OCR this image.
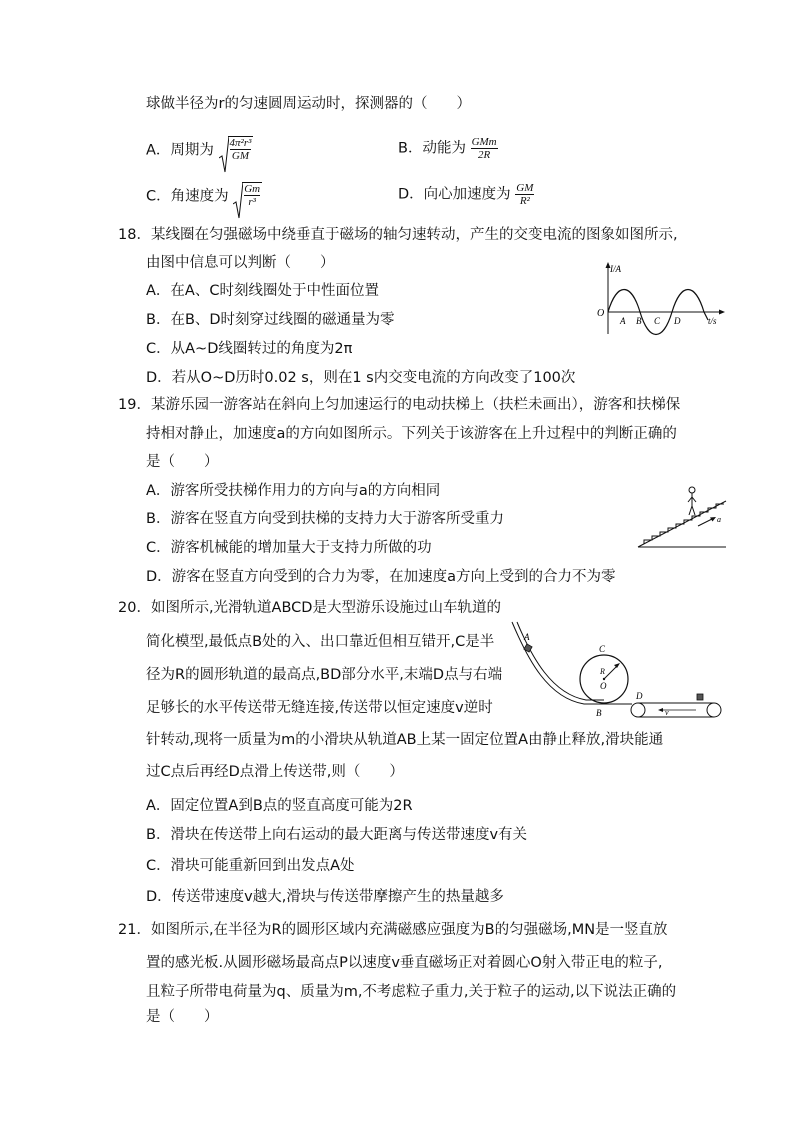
球做半径为r的匀速圆周运动时，探测器的（　　）
A．周期为 $\frac{\text{4π²r³}}{GM}$	B．动能为 $\frac{\text{GMm}}{2R}$
C．角速度为 $\frac{Gm}{\text{r³}}$	D．向心加速度为 $\frac{GM}{\text{R²}}$
18．某线圈在匀强磁场中绕垂直于磁场的轴匀速转动，产生的交变电流的图象如图所示,
由图中信息可以判断（　　）
A．在A、C时刻线圈处于中性面位置
B．在B、D时刻穿过线圈的磁通量为零
C．从A~D线圈转过的角度为2π
D．若从O~D历时0.02 s，则在1 s内交变电流的方向改变了100次
I/A
O
A B C D	t/s
19．某游乐园一游客站在斜向上匀加速运行的电动扶梯上（扶栏未画出），游客和扶梯保
持相对静止，加速度a的方向如图所示。下列关于该游客在上升过程中的判断正确的
是（　　）
A．游客所受扶梯作用力的方向与a的方向相同
B．游客在竖直方向受到扶梯的支持力大于游客所受重力
C．游客机械能的增加量大于支持力所做的功
D．游客在竖直方向受到的合力为零，在加速度a方向上受到的合力不为零
a
20．如图所示,光滑轨道ABCD是大型游乐设施过山车轨道的
简化模型,最低点B处的入、出口靠近但相互错开,C是半
径为R的圆形轨道的最高点,BD部分水平,末端D点与右端
足够长的水平传送带无缝连接,传送带以恒定速度v逆时
针转动,现将一质量为m的小滑块从轨道AB上某一固定位置A由静止释放,滑块能通
过C点后再经D点滑上传送带,则（　　）
A．固定位置A到B点的竖直高度可能为2R
B．滑块在传送带上向右运动的最大距离与传送带速度v有关
C．滑块可能重新回到出发点A处
D．传送带速度v越大,滑块与传送带摩擦产生的热量越多
A
B
C
D
R
O
v
21．如图所示,在半径为R的圆形区域内充满磁感应强度为B的匀强磁场,MN是一竖直放
置的感光板.从圆形磁场最高点P以速度v垂直磁场正对着圆心O射入带正电的粒子,
且粒子所带电荷量为q、质量为m,不考虑粒子重力,关于粒子的运动,以下说法正确的
是（　　）
